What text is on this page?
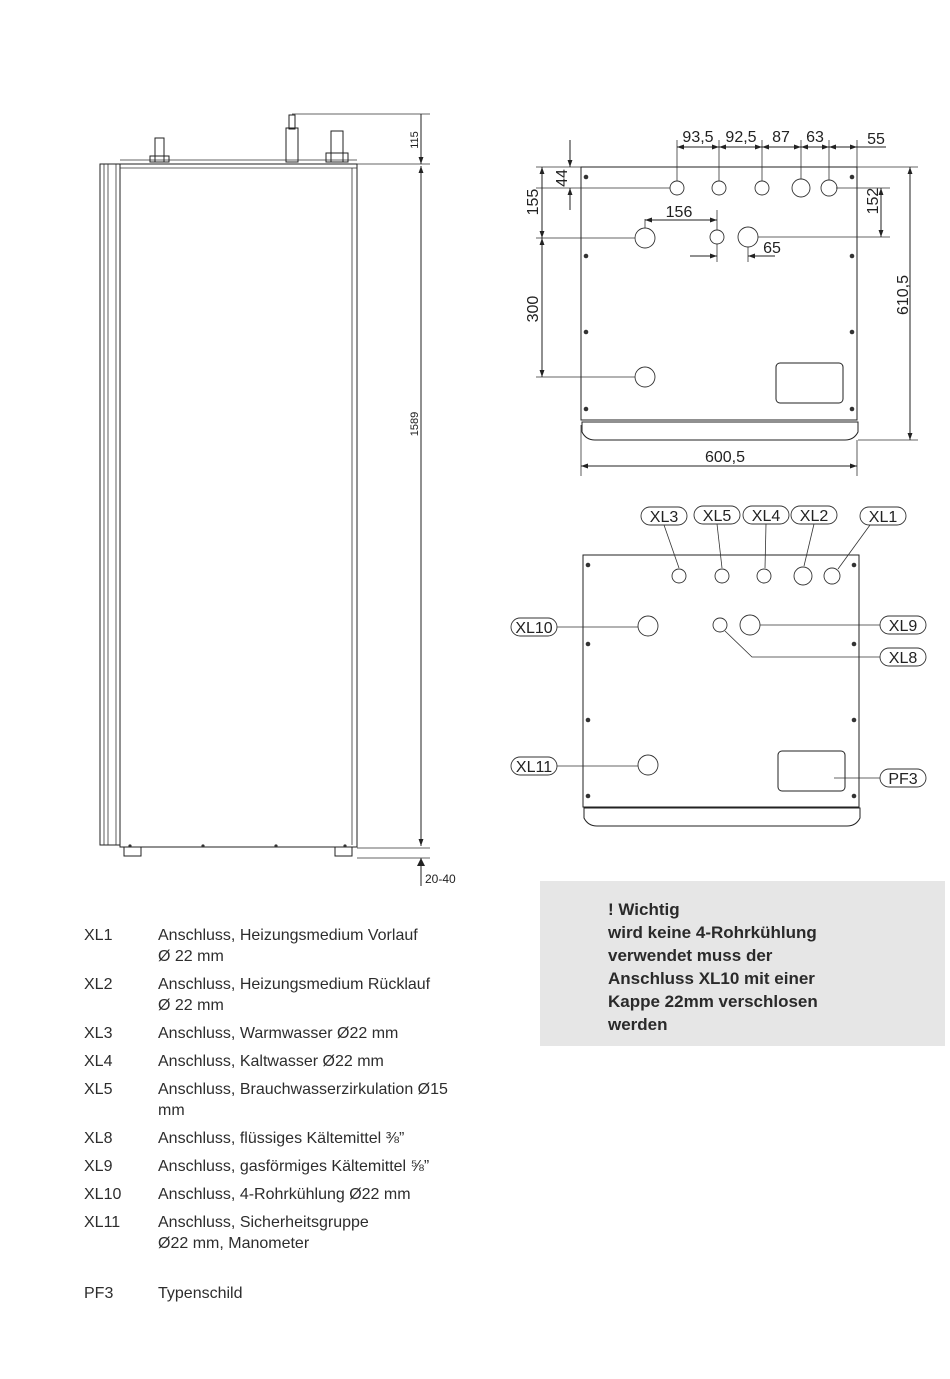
115
1589
20-40
93,5 92,5 87 63	55
44
155
300
156
65
152
610,5
600,5
XL3 XL5 XL4 XL2	XL1
XL10	XL9
XL8
XL11
PF3
XL1	Anschluss, Heizungsmedium Vorlauf
Ø 22 mm
XL2	Anschluss, Heizungsmedium Rücklauf
Ø 22 mm
XL3	Anschluss, Warmwasser Ø22 mm
XL4	Anschluss, Kaltwasser Ø22 mm
XL5	Anschluss, Brauchwasserzirkulation Ø15
mm
XL8	Anschluss, flüssiges Kältemittel ⅜”
XL9	Anschluss, gasförmiges Kältemittel ⅝”
XL10	Anschluss, 4-Rohrkühlung Ø22 mm
XL11	Anschluss, Sicherheitsgruppe
Ø22 mm, Manometer
PF3	Typenschild
! Wichtig
wird keine 4-Rohrkühlung
verwendet muss der
Anschluss XL10 mit einer
Kappe 22mm verschlosen
werden
